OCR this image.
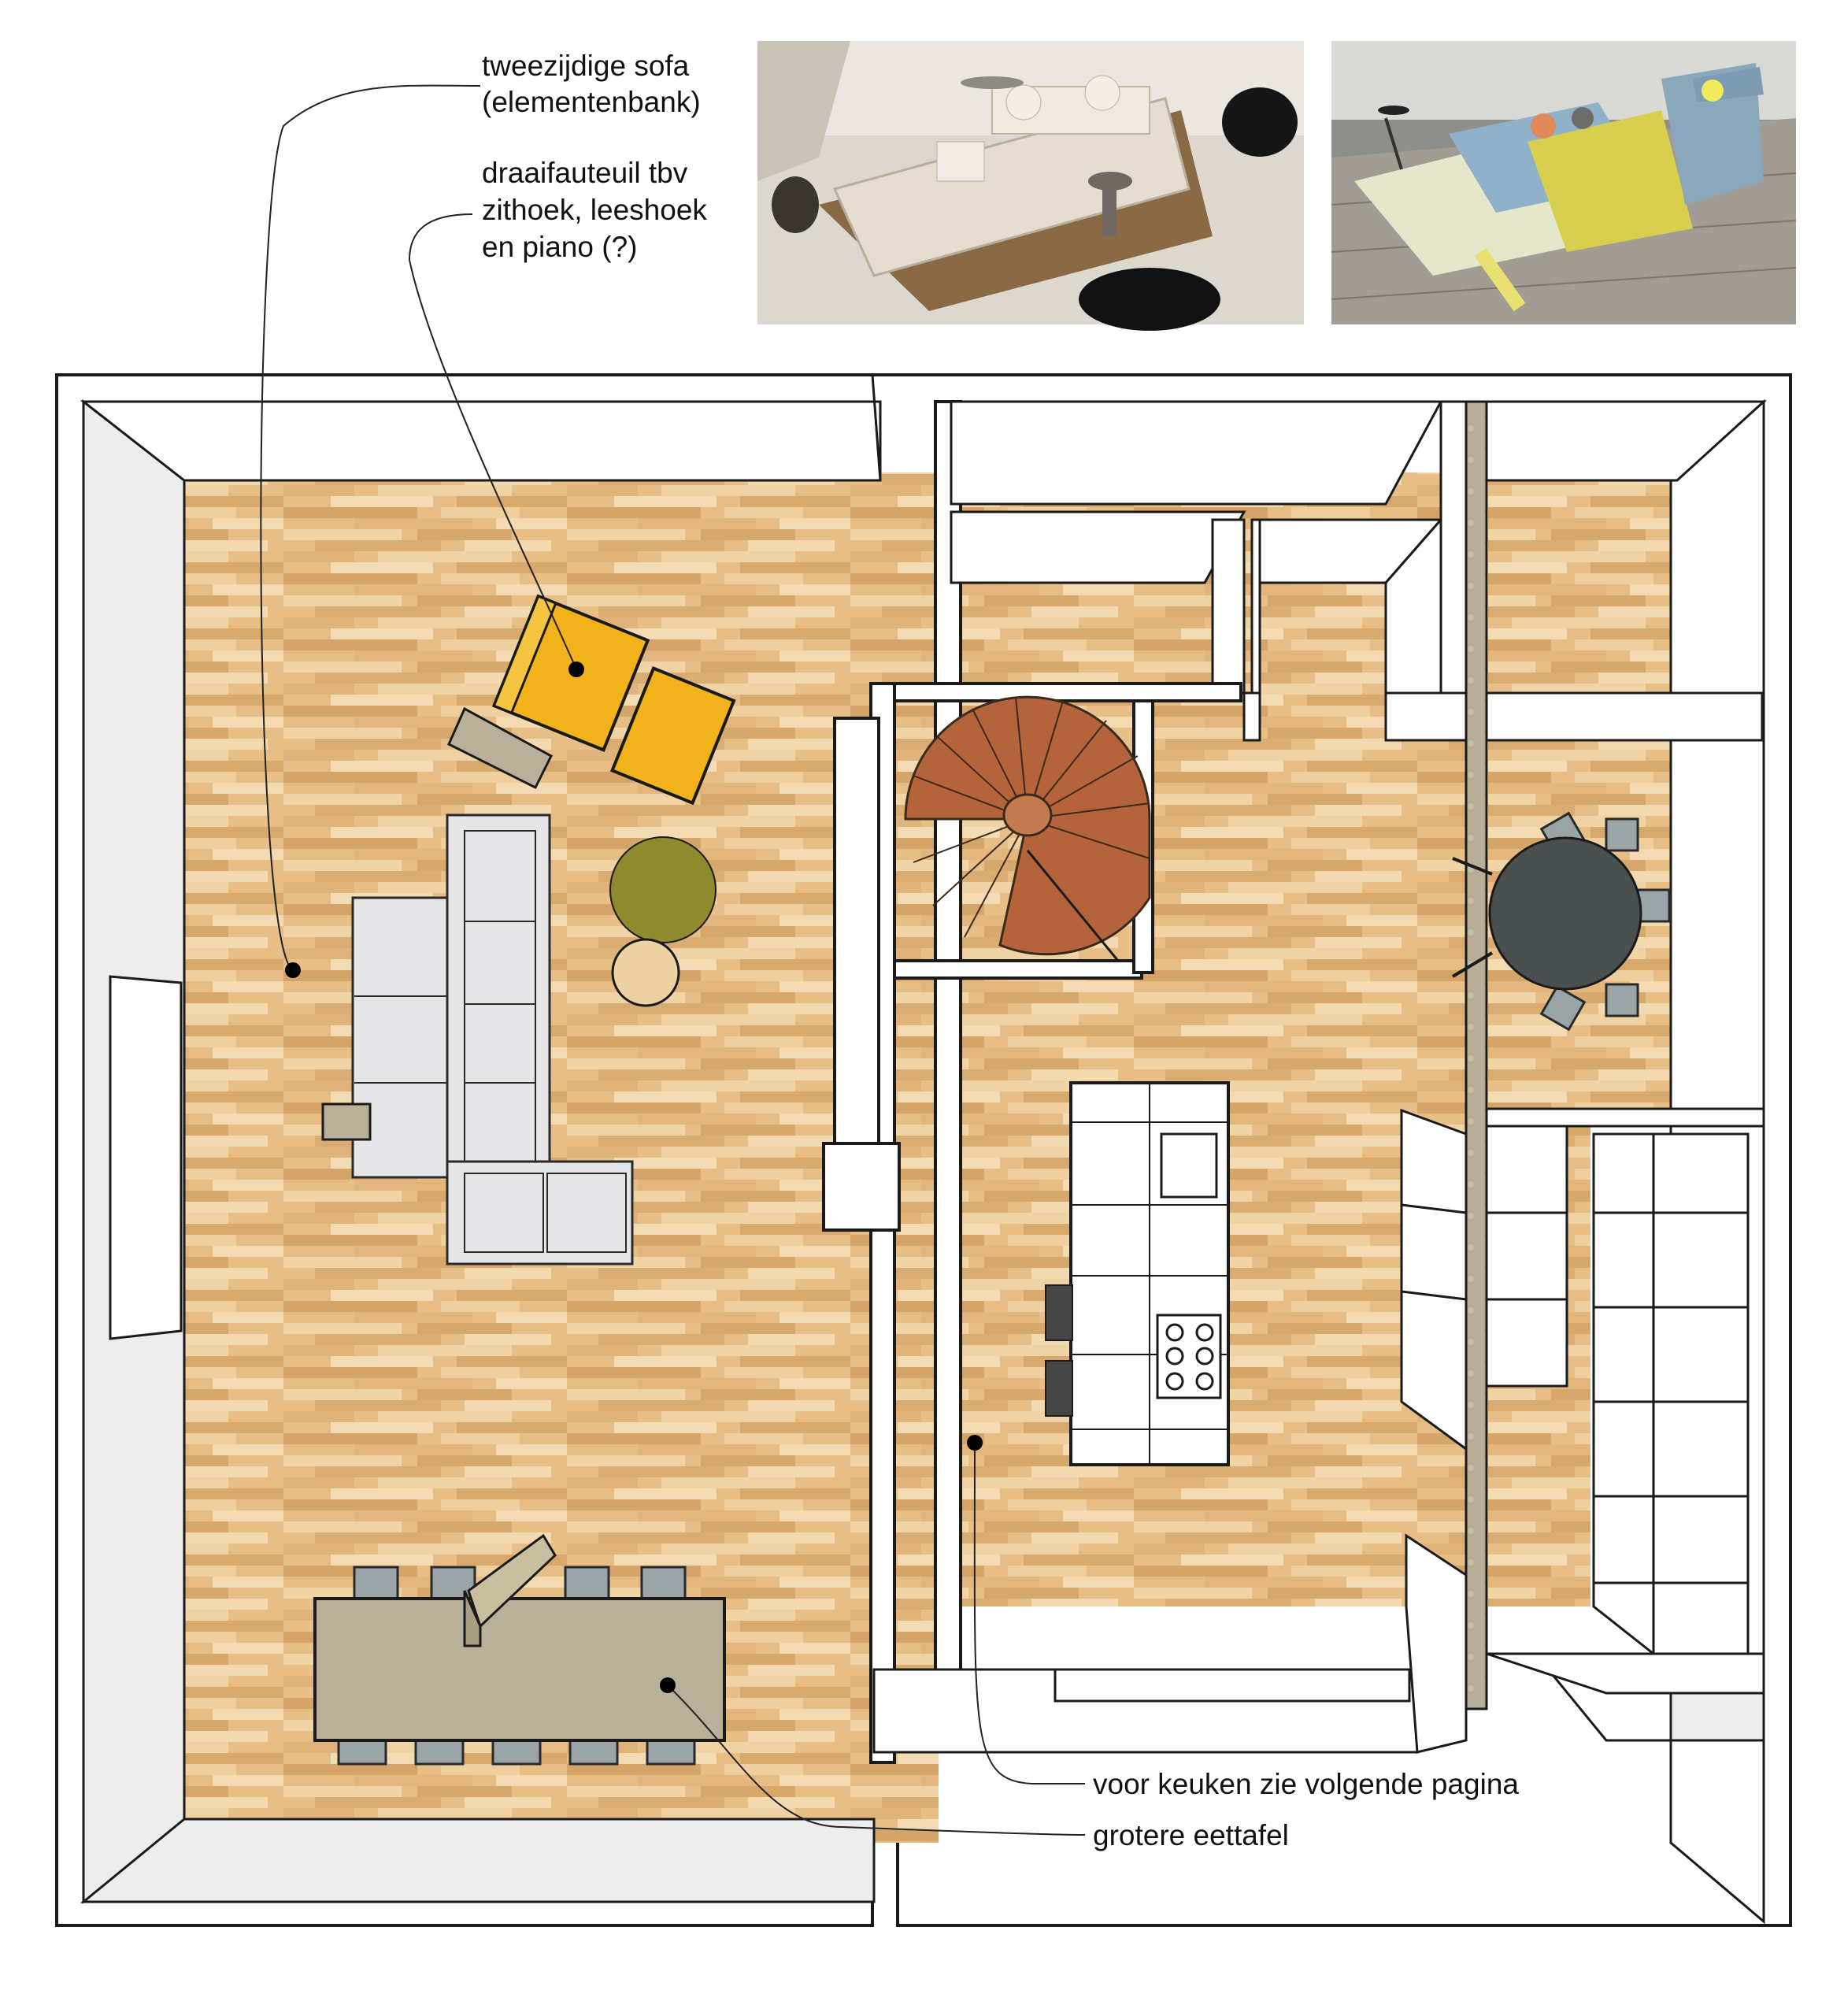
tweezijdige sofa
(elementenbank)
draaifauteuil tbv
zithoek, leeshoek
en piano (?)
voor keuken zie volgende pagina
grotere eettafel
